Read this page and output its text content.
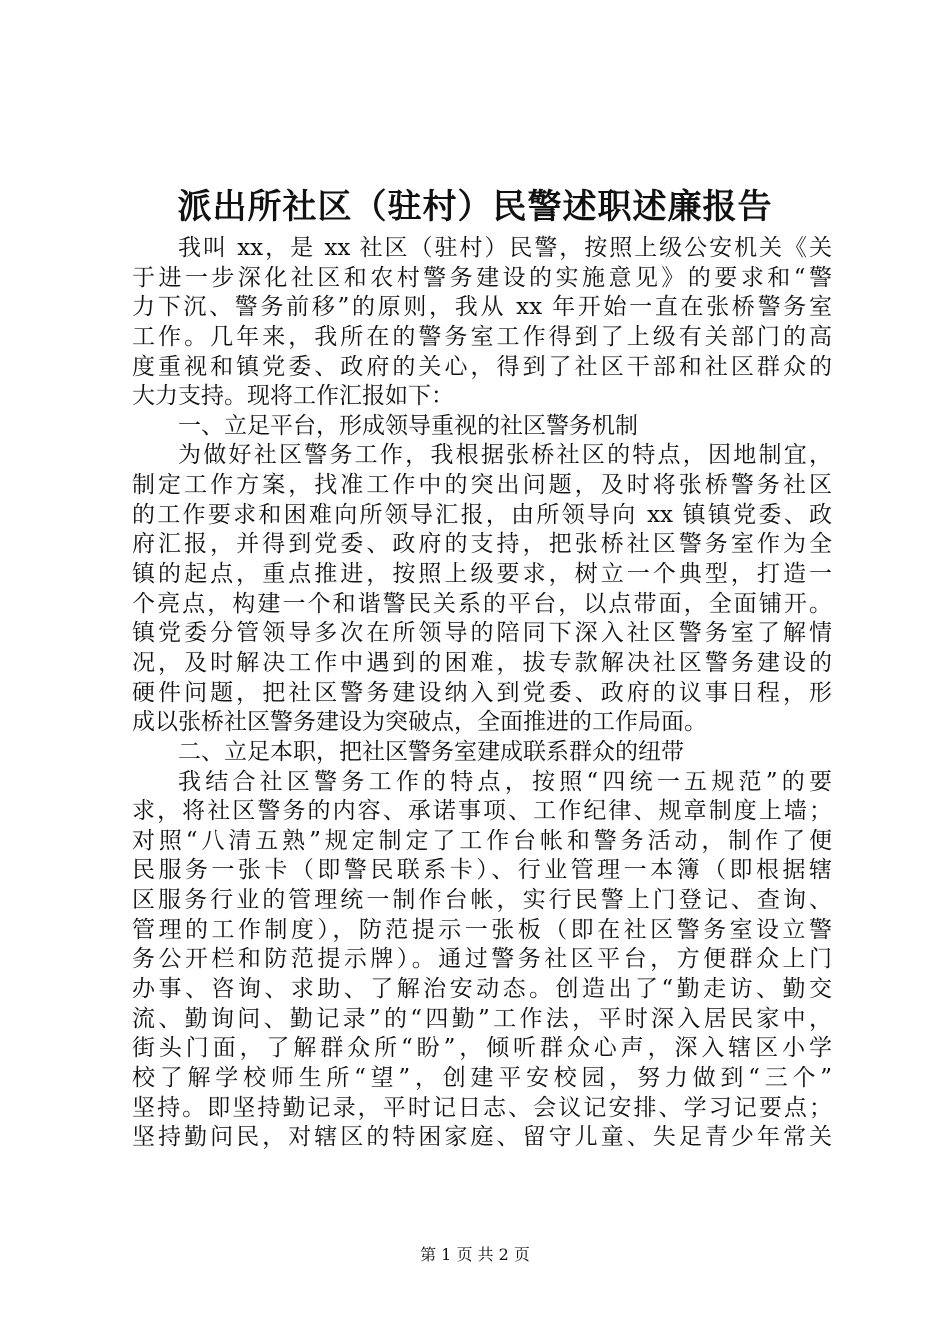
派出所社区（驻村）民警述职述廉报告
我叫 xx，是 xx 社区（驻村）民警，按照上级公安机关《关
于进一步深化社区和农村警务建设的实施意见》的要求和“警
力下沉、警务前移”的原则，我从 xx 年开始一直在张桥警务室
工作。几年来，我所在的警务室工作得到了上级有关部门的高
度重视和镇党委、政府的关心，得到了社区干部和社区群众的
大力支持。现将工作汇报如下：
一、立足平台，形成领导重视的社区警务机制
为做好社区警务工作，我根据张桥社区的特点，因地制宜，
制定工作方案，找准工作中的突出问题，及时将张桥警务社区
的工作要求和困难向所领导汇报，由所领导向 xx 镇镇党委、政
府汇报，并得到党委、政府的支持，把张桥社区警务室作为全
镇的起点，重点推进，按照上级要求，树立一个典型，打造一
个亮点，构建一个和谐警民关系的平台，以点带面，全面铺开。
镇党委分管领导多次在所领导的陪同下深入社区警务室了解情
况，及时解决工作中遇到的困难，拔专款解决社区警务建设的
硬件问题，把社区警务建设纳入到党委、政府的议事日程，形
成以张桥社区警务建设为突破点，全面推进的工作局面。
二、立足本职，把社区警务室建成联系群众的纽带
我结合社区警务工作的特点，按照“四统一五规范”的要
求，将社区警务的内容、承诺事项、工作纪律、规章制度上墙；
对照“八清五熟”规定制定了工作台帐和警务活动，制作了便
民服务一张卡（即警民联系卡）、行业管理一本簿（即根据辖
区服务行业的管理统一制作台帐，实行民警上门登记、查询、
管理的工作制度），防范提示一张板（即在社区警务室设立警
务公开栏和防范提示牌）。通过警务社区平台，方便群众上门
办事、咨询、求助、了解治安动态。创造出了“勤走访、勤交
流、勤询问、勤记录”的“四勤”工作法，平时深入居民家中，
街头门面，了解群众所“盼”，倾听群众心声，深入辖区小学
校了解学校师生所“望”，创建平安校园，努力做到“三个”
坚持。即坚持勤记录，平时记日志、会议记安排、学习记要点；
坚持勤问民，对辖区的特困家庭、留守儿童、失足青少年常关
第 1 页 共 2 页
